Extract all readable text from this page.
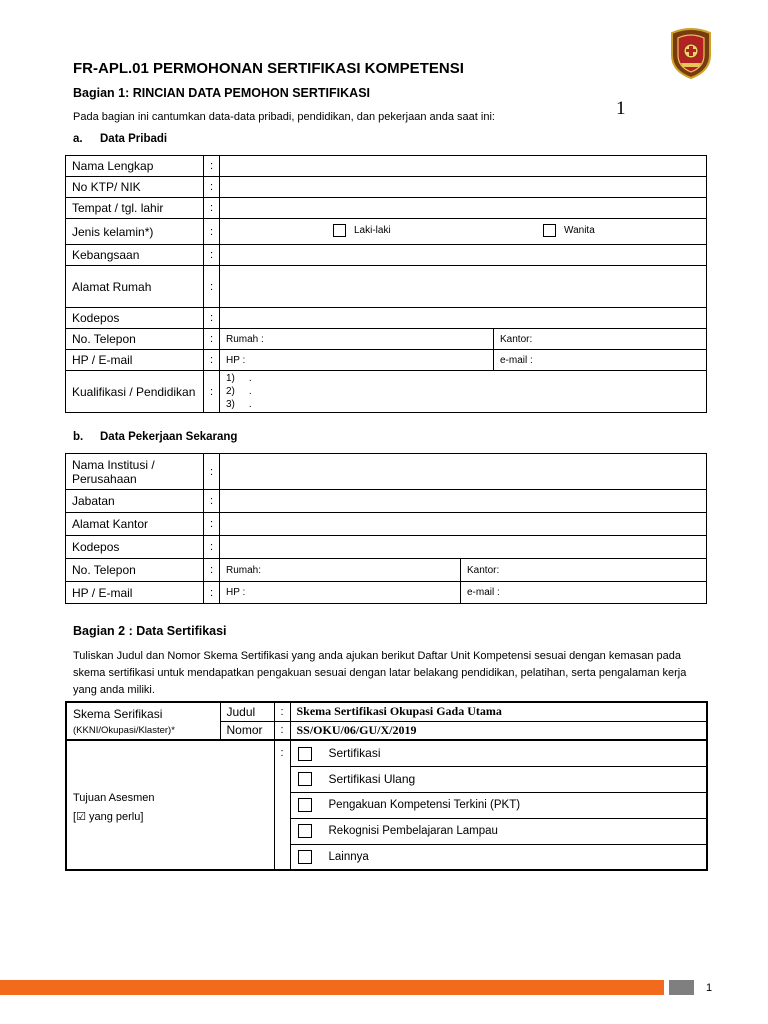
FR-APL.01 PERMOHONAN SERTIFIKASI KOMPETENSI
Bagian 1: RINCIAN DATA PEMOHON SERTIFIKASI
1
Pada bagian ini cantumkan data-data pribadi, pendidikan, dan pekerjaan anda saat ini:
a. Data Pribadi
Nama Lengkap	:		
No KTP/ NIK	:		
Tempat / tgl. lahir	:		
Jenis kelamin*)	:	Laki-laki Wanita	

Kebangsaan	:		
Alamat Rumah	:		
Kodepos	:		
No. Telepon	:	Rumah :	Kantor:
HP / E-mail	:	HP :	e-mail :
Kualifikasi / Pendidikan	:	1) .
2) .
3) .	
b. Data Pekerjaan Sekarang
Nama Institusi / Perusahaan	:		
Jabatan	:		
Alamat Kantor	:		
Kodepos	:		
No. Telepon	:	Rumah:	Kantor:
HP / E-mail	:	HP :	e-mail :
Bagian 2 : Data Sertifikasi
Tuliskan Judul dan Nomor Skema Sertifikasi yang anda ajukan berikut Daftar Unit Kompetensi sesuai dengan kemasan pada skema sertifikasi untuk mendapatkan pengakuan sesuai dengan latar belakang pendidikan, pelatihan, serta pengalaman kerja yang anda miliki.
Skema Serifikasi
(KKNI/Okupasi/Klaster)*	Judul	:	Skema Sertifikasi Okupasi Gada Utama
	Nomor	:	SS/OKU/06/GU/X/2019

Tujuan Asesmen
[☑ yang perlu]		:	Sertifikasi
			Sertifikasi Ulang
			Pengakuan Kompetensi Terkini (PKT)
			Rekognisi Pembelajaran Lampau
			Lainnya
1
